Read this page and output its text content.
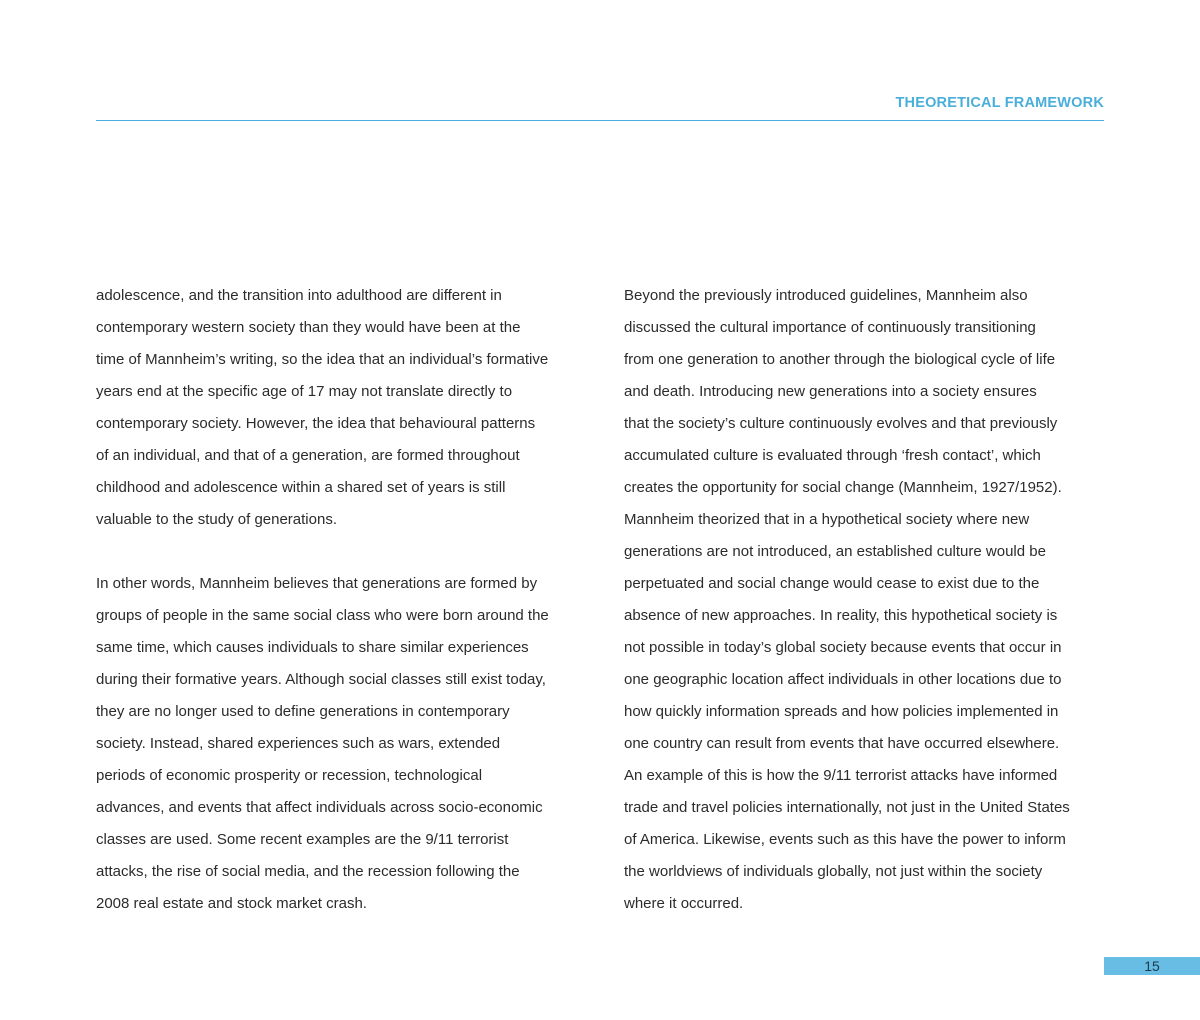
THEORETICAL FRAMEWORK

adolescence, and the transition into adulthood are different in

contemporary western society than they would have been at the

time of Mannheim’s writing, so the idea that an individual’s formative

years end at the specific age of 17 may not translate directly to

contemporary society. However, the idea that behavioural patterns

of an individual, and that of a generation, are formed throughout

childhood and adolescence within a shared set of years is still

valuable to the study of generations.

In other words, Mannheim believes that generations are formed by

groups of people in the same social class who were born around the

same time, which causes individuals to share similar experiences

during their formative years. Although social classes still exist today,

they are no longer used to define generations in contemporary

society. Instead, shared experiences such as wars, extended

periods of economic prosperity or recession, technological

advances, and events that affect individuals across socio-economic

classes are used. Some recent examples are the 9/11 terrorist

attacks, the rise of social media, and the recession following the

2008 real estate and stock market crash.

Beyond the previously introduced guidelines, Mannheim also

discussed the cultural importance of continuously transitioning

from one generation to another through the biological cycle of life

and death. Introducing new generations into a society ensures

that the society’s culture continuously evolves and that previously

accumulated culture is evaluated through ‘fresh contact’, which

creates the opportunity for social change (Mannheim, 1927/1952).

Mannheim theorized that in a hypothetical society where new

generations are not introduced, an established culture would be

perpetuated and social change would cease to exist due to the

absence of new approaches. In reality, this hypothetical society is

not possible in today’s global society because events that occur in

one geographic location affect individuals in other locations due to

how quickly information spreads and how policies implemented in

one country can result from events that have occurred elsewhere.

An example of this is how the 9/11 terrorist attacks have informed

trade and travel policies internationally, not just in the United States

of America. Likewise, events such as this have the power to inform

the worldviews of individuals globally, not just within the society

where it occurred.

15
